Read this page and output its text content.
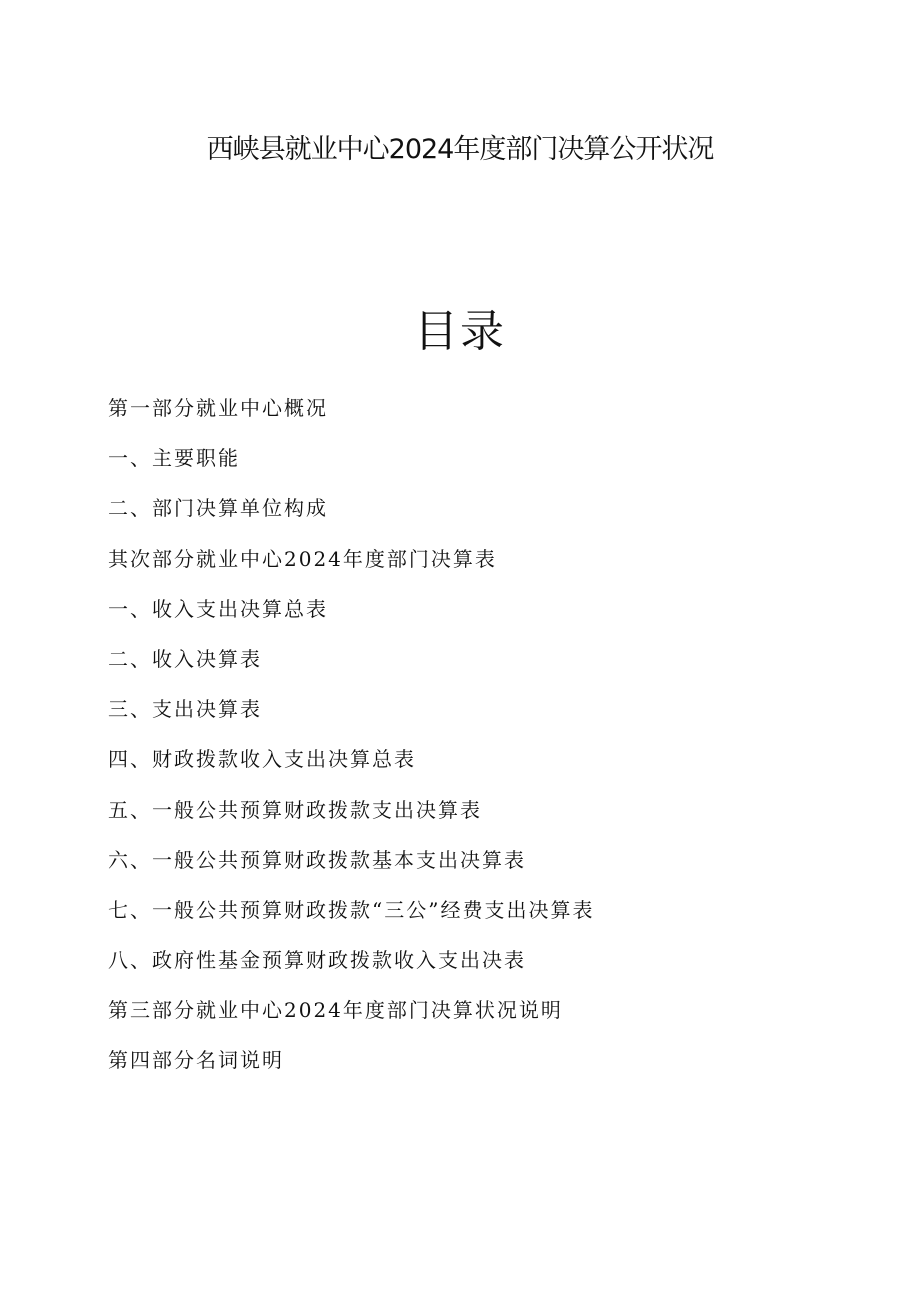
西峡县就业中心2024年度部门决算公开状况
目录
第一部分就业中心概况
一、主要职能
二、部门决算单位构成
其次部分就业中心2024年度部门决算表
一、收入支出决算总表
二、收入决算表
三、支出决算表
四、财政拨款收入支出决算总表
五、一般公共预算财政拨款支出决算表
六、一般公共预算财政拨款基本支出决算表
七、一般公共预算财政拨款“三公”经费支出决算表
八、政府性基金预算财政拨款收入支出决表
第三部分就业中心2024年度部门决算状况说明
第四部分名词说明
